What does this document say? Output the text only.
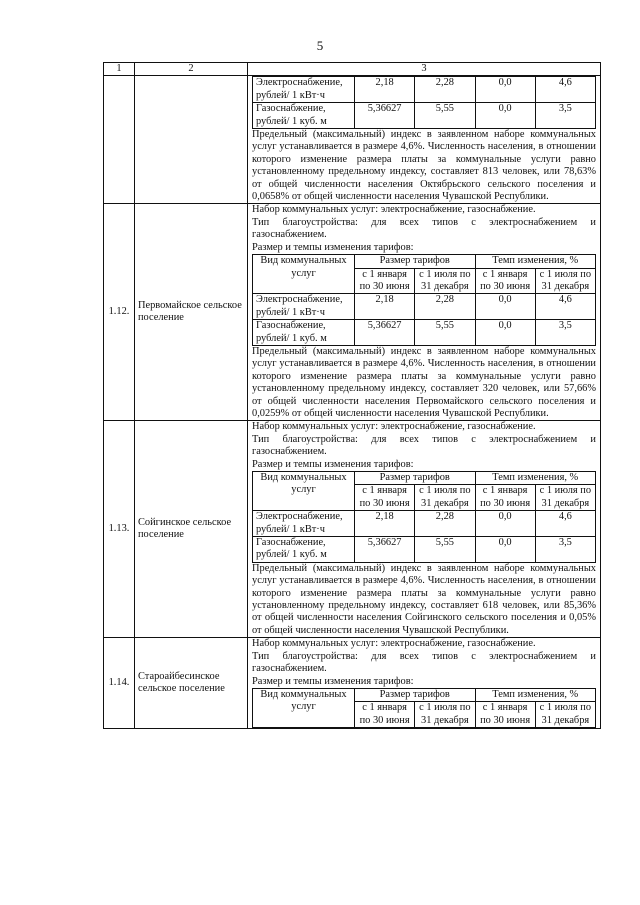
5
1	2	3

Электроснабжение, рублей/ 1 кВт·ч	2,18	2,28	0,0	4,6
Газоснабжение, рублей/ 1 куб. м	5,36627	5,55	0,0	3,5
Предельный (максимальный) индекс в заявленном наборе коммунальных услуг устанавливается в размере 4,6%. Численность населения, в отношении которого изменение размера платы за коммунальные услуги равно установленному предельному индексу, составляет 813 человек, или 78,63% от общей численности населения Октябрьского сельского поселения и 0,0658% от общей численности населения Чувашской Республики.

1.12.	Первомайское сельское поселение	
Набор коммунальных услуг: электроснабжение, газоснабжение.
Тип благоустройства: для всех типов с электроснабжением и газоснабжением.
Размер и темпы изменения тарифов:
Вид коммунальных услуг	Размер тарифов	Темп изменения, %
с 1 января по 30 июня	с 1 июля по 31 декабря	с 1 января по 30 июня	с 1 июля по 31 декабря
Электроснабжение, рублей/ 1 кВт·ч	2,18	2,28	0,0	4,6
Газоснабжение, рублей/ 1 куб. м	5,36627	5,55	0,0	3,5
Предельный (максимальный) индекс в заявленном наборе коммунальных услуг устанавливается в размере 4,6%. Численность населения, в отношении которого изменение размера платы за коммунальные услуги равно установленному предельному индексу, составляет 320 человек, или 57,66% от общей численности населения Первомайского сельского поселения и 0,0259% от общей численности населения Чувашской Республики.

1.13.	Сойгинское сельское поселение	
Набор коммунальных услуг: электроснабжение, газоснабжение.
Тип благоустройства: для всех типов с электроснабжением и газоснабжением.
Размер и темпы изменения тарифов:
Вид коммунальных услуг	Размер тарифов	Темп изменения, %
с 1 января по 30 июня	с 1 июля по 31 декабря	с 1 января по 30 июня	с 1 июля по 31 декабря
Электроснабжение, рублей/ 1 кВт·ч	2,18	2,28	0,0	4,6
Газоснабжение, рублей/ 1 куб. м	5,36627	5,55	0,0	3,5
Предельный (максимальный) индекс в заявленном наборе коммунальных услуг устанавливается в размере 4,6%. Численность населения, в отношении которого изменение размера платы за коммунальные услуги равно установленному предельному индексу, составляет 618 человек, или 85,36% от общей численности населения Сойгинского сельского поселения и 0,05% от общей численности населения Чувашской Республики.

1.14.	Староайбесинское сельское поселение	
Набор коммунальных услуг: электроснабжение, газоснабжение.
Тип благоустройства: для всех типов с электроснабжением и газоснабжением.
Размер и темпы изменения тарифов:
Вид коммунальных услуг	Размер тарифов	Темп изменения, %
с 1 января по 30 июня	с 1 июля по 31 декабря	с 1 января по 30 июня	с 1 июля по 31 декабря
